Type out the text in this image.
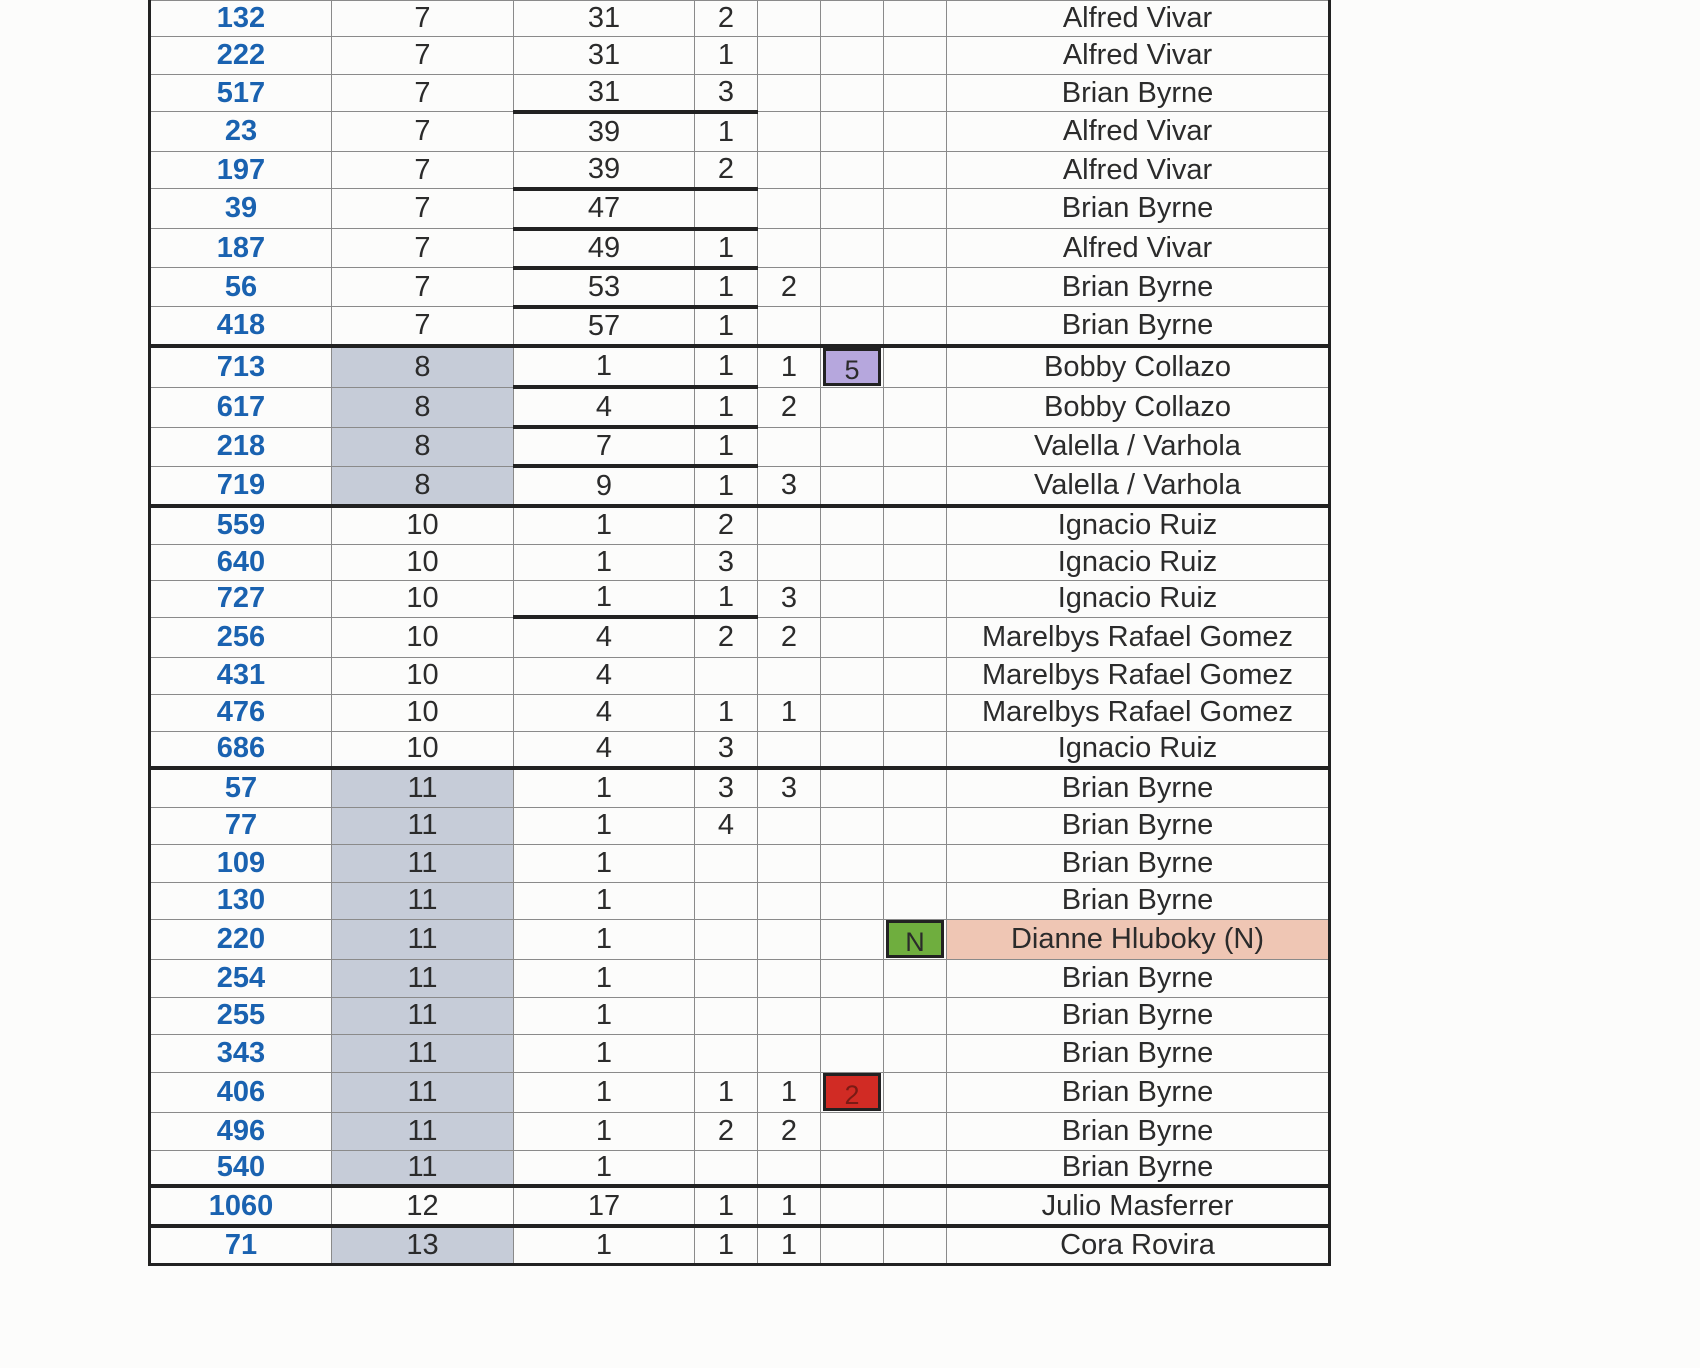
132	7	31	2				Alfred Vivar
222	7	31	1				Alfred Vivar
517	7	31	3				Brian Byrne
23	7	39	1				Alfred Vivar
197	7	39	2				Alfred Vivar
39	7	47					Brian Byrne
187	7	49	1				Alfred Vivar
56	7	53	1	2			Brian Byrne
418	7	57	1				Brian Byrne
713	8	1	1	1	5		Bobby Collazo
617	8	4	1	2			Bobby Collazo
218	8	7	1				Valella / Varhola
719	8	9	1	3			Valella / Varhola
559	10	1	2				Ignacio Ruiz
640	10	1	3				Ignacio Ruiz
727	10	1	1	3			Ignacio Ruiz
256	10	4	2	2			Marelbys Rafael Gomez
431	10	4					Marelbys Rafael Gomez
476	10	4	1	1			Marelbys Rafael Gomez
686	10	4	3				Ignacio Ruiz
57	11	1	3	3			Brian Byrne
77	11	1	4				Brian Byrne
109	11	1					Brian Byrne
130	11	1					Brian Byrne
220	11	1				N	Dianne Hluboky (N)
254	11	1					Brian Byrne
255	11	1					Brian Byrne
343	11	1					Brian Byrne
406	11	1	1	1	2		Brian Byrne
496	11	1	2	2			Brian Byrne
540	11	1					Brian Byrne
1060	12	17	1	1			Julio Masferrer
71	13	1	1	1			Cora Rovira
